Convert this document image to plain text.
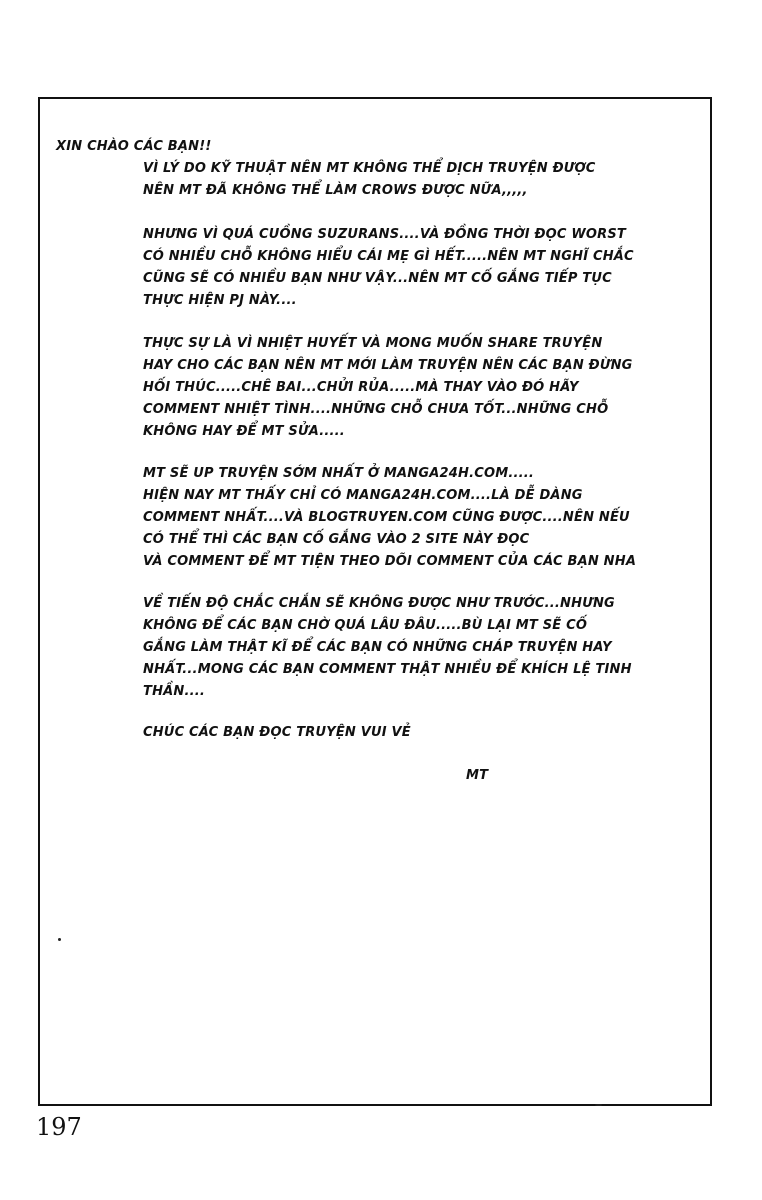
XIN CHÀO CÁC BẠN!!
VÌ LÝ DO KỸ THUẬT NÊN MT KHÔNG THỂ DỊCH TRUYỆN ĐƯỢC
NÊN MT ĐÃ KHÔNG THỂ LÀM CROWS ĐƯỢC NỮA,,,,,
NHƯNG VÌ QUÁ CUỒNG SUZURANS....VÀ ĐỒNG THỜI ĐỌC WORST
CÓ NHIỀU CHỖ KHÔNG HIỂU CÁI MẸ GÌ HẾT.....NÊN MT NGHĨ CHẮC
CŨNG SẼ CÓ NHIỀU BẠN NHƯ VẬY...NÊN MT CỐ GẮNG TIẾP TỤC
THỰC HIỆN PJ NÀY....
THỰC SỰ LÀ VÌ NHIỆT HUYẾT VÀ MONG MUỐN SHARE TRUYỆN
HAY CHO CÁC BẠN NÊN MT MỚI LÀM TRUYỆN NÊN CÁC BẠN ĐỪNG
HỐI THÚC.....CHÊ BAI...CHỬI RỦA.....MÀ THAY VÀO ĐÓ HÃY
COMMENT NHIỆT TÌNH....NHỮNG CHỖ CHƯA TỐT...NHỮNG CHỖ
KHÔNG HAY ĐỂ MT SỬA.....
MT SẼ UP TRUYỆN SỚM NHẤT Ở MANGA24H.COM.....
HIỆN NAY MT THẤY CHỈ CÓ MANGA24H.COM....LÀ DỄ DÀNG
COMMENT NHẤT....VÀ BLOGTRUYEN.COM CŨNG ĐƯỢC....NÊN NẾU
CÓ THỂ THÌ CÁC BẠN CỐ GẮNG VÀO 2 SITE NÀY ĐỌC
VÀ COMMENT ĐỂ MT TIỆN THEO DÕI COMMENT CỦA CÁC BẠN NHA
VỀ TIẾN ĐỘ CHẮC CHẮN SẼ KHÔNG ĐƯỢC NHƯ TRƯỚC...NHƯNG
KHÔNG ĐỂ CÁC BẠN CHỜ QUÁ LÂU ĐÂU.....BÙ LẠI MT SẼ CỐ
GẮNG LÀM THẬT KĨ ĐỂ CÁC BẠN CÓ NHỮNG CHÁP TRUYỆN HAY
NHẤT...MONG CÁC BẠN COMMENT THẬT NHIỀU ĐỂ KHÍCH LỆ TINH
THẦN....
CHÚC CÁC BẠN ĐỌC TRUYỆN VUI VẺ
MT
197
